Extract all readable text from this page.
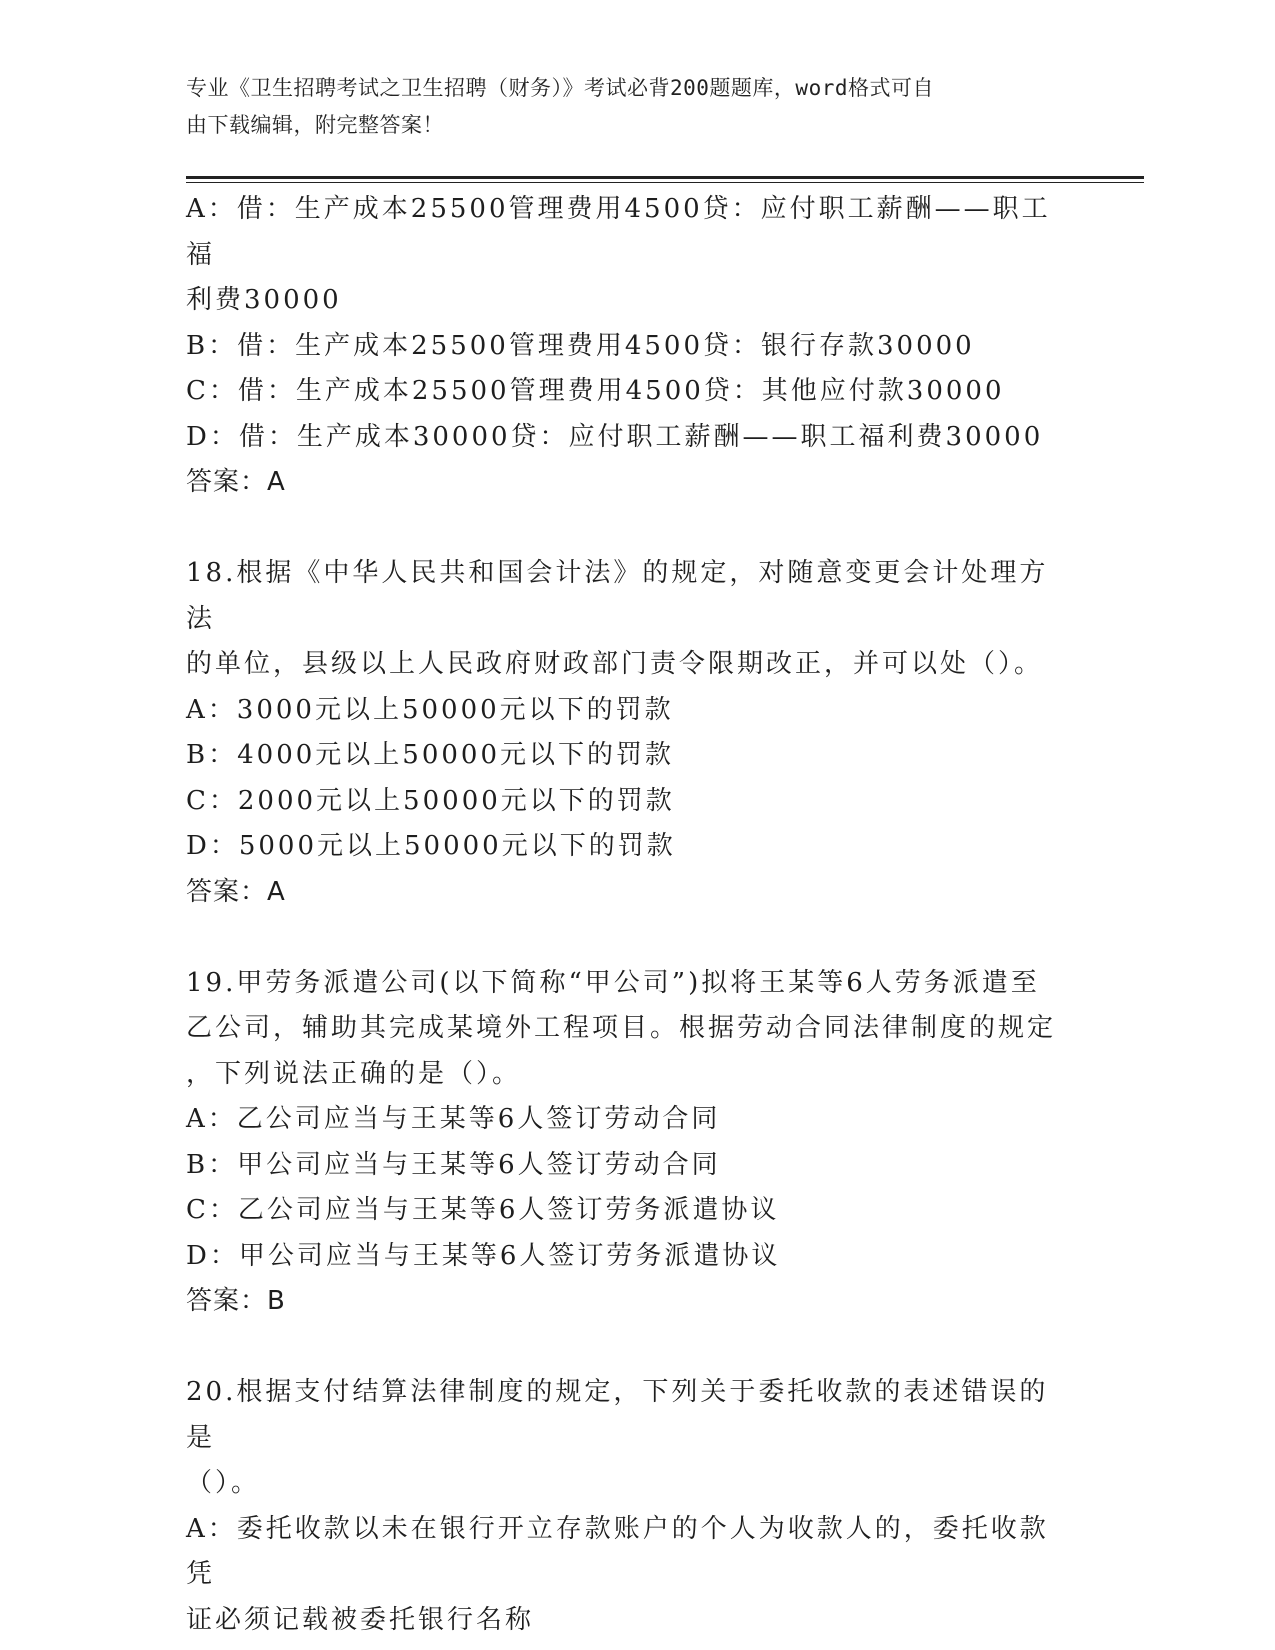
专业《卫生招聘考试之卫生招聘（财务）》考试必背200题题库，word格式可自
由下载编辑，附完整答案！
A：借：生产成本25500管理费用4500贷：应付职工薪酬——职工福
利费30000
B：借：生产成本25500管理费用4500贷：银行存款30000
C：借：生产成本25500管理费用4500贷：其他应付款30000
D：借：生产成本30000贷：应付职工薪酬——职工福利费30000
答案：A
18.根据《中华人民共和国会计法》的规定，对随意变更会计处理方法
的单位，县级以上人民政府财政部门责令限期改正，并可以处（）。
A：3000元以上50000元以下的罚款
B：4000元以上50000元以下的罚款
C：2000元以上50000元以下的罚款
D：5000元以上50000元以下的罚款
答案：A
19.甲劳务派遣公司(以下简称“甲公司”)拟将王某等6人劳务派遣至
乙公司，辅助其完成某境外工程项目。根据劳动合同法律制度的规定
，下列说法正确的是（）。
A：乙公司应当与王某等6人签订劳动合同
B：甲公司应当与王某等6人签订劳动合同
C：乙公司应当与王某等6人签订劳务派遣协议
D：甲公司应当与王某等6人签订劳务派遣协议
答案：B
20.根据支付结算法律制度的规定，下列关于委托收款的表述错误的是
（）。
A：委托收款以未在银行开立存款账户的个人为收款人的，委托收款凭
证必须记载被委托银行名称
